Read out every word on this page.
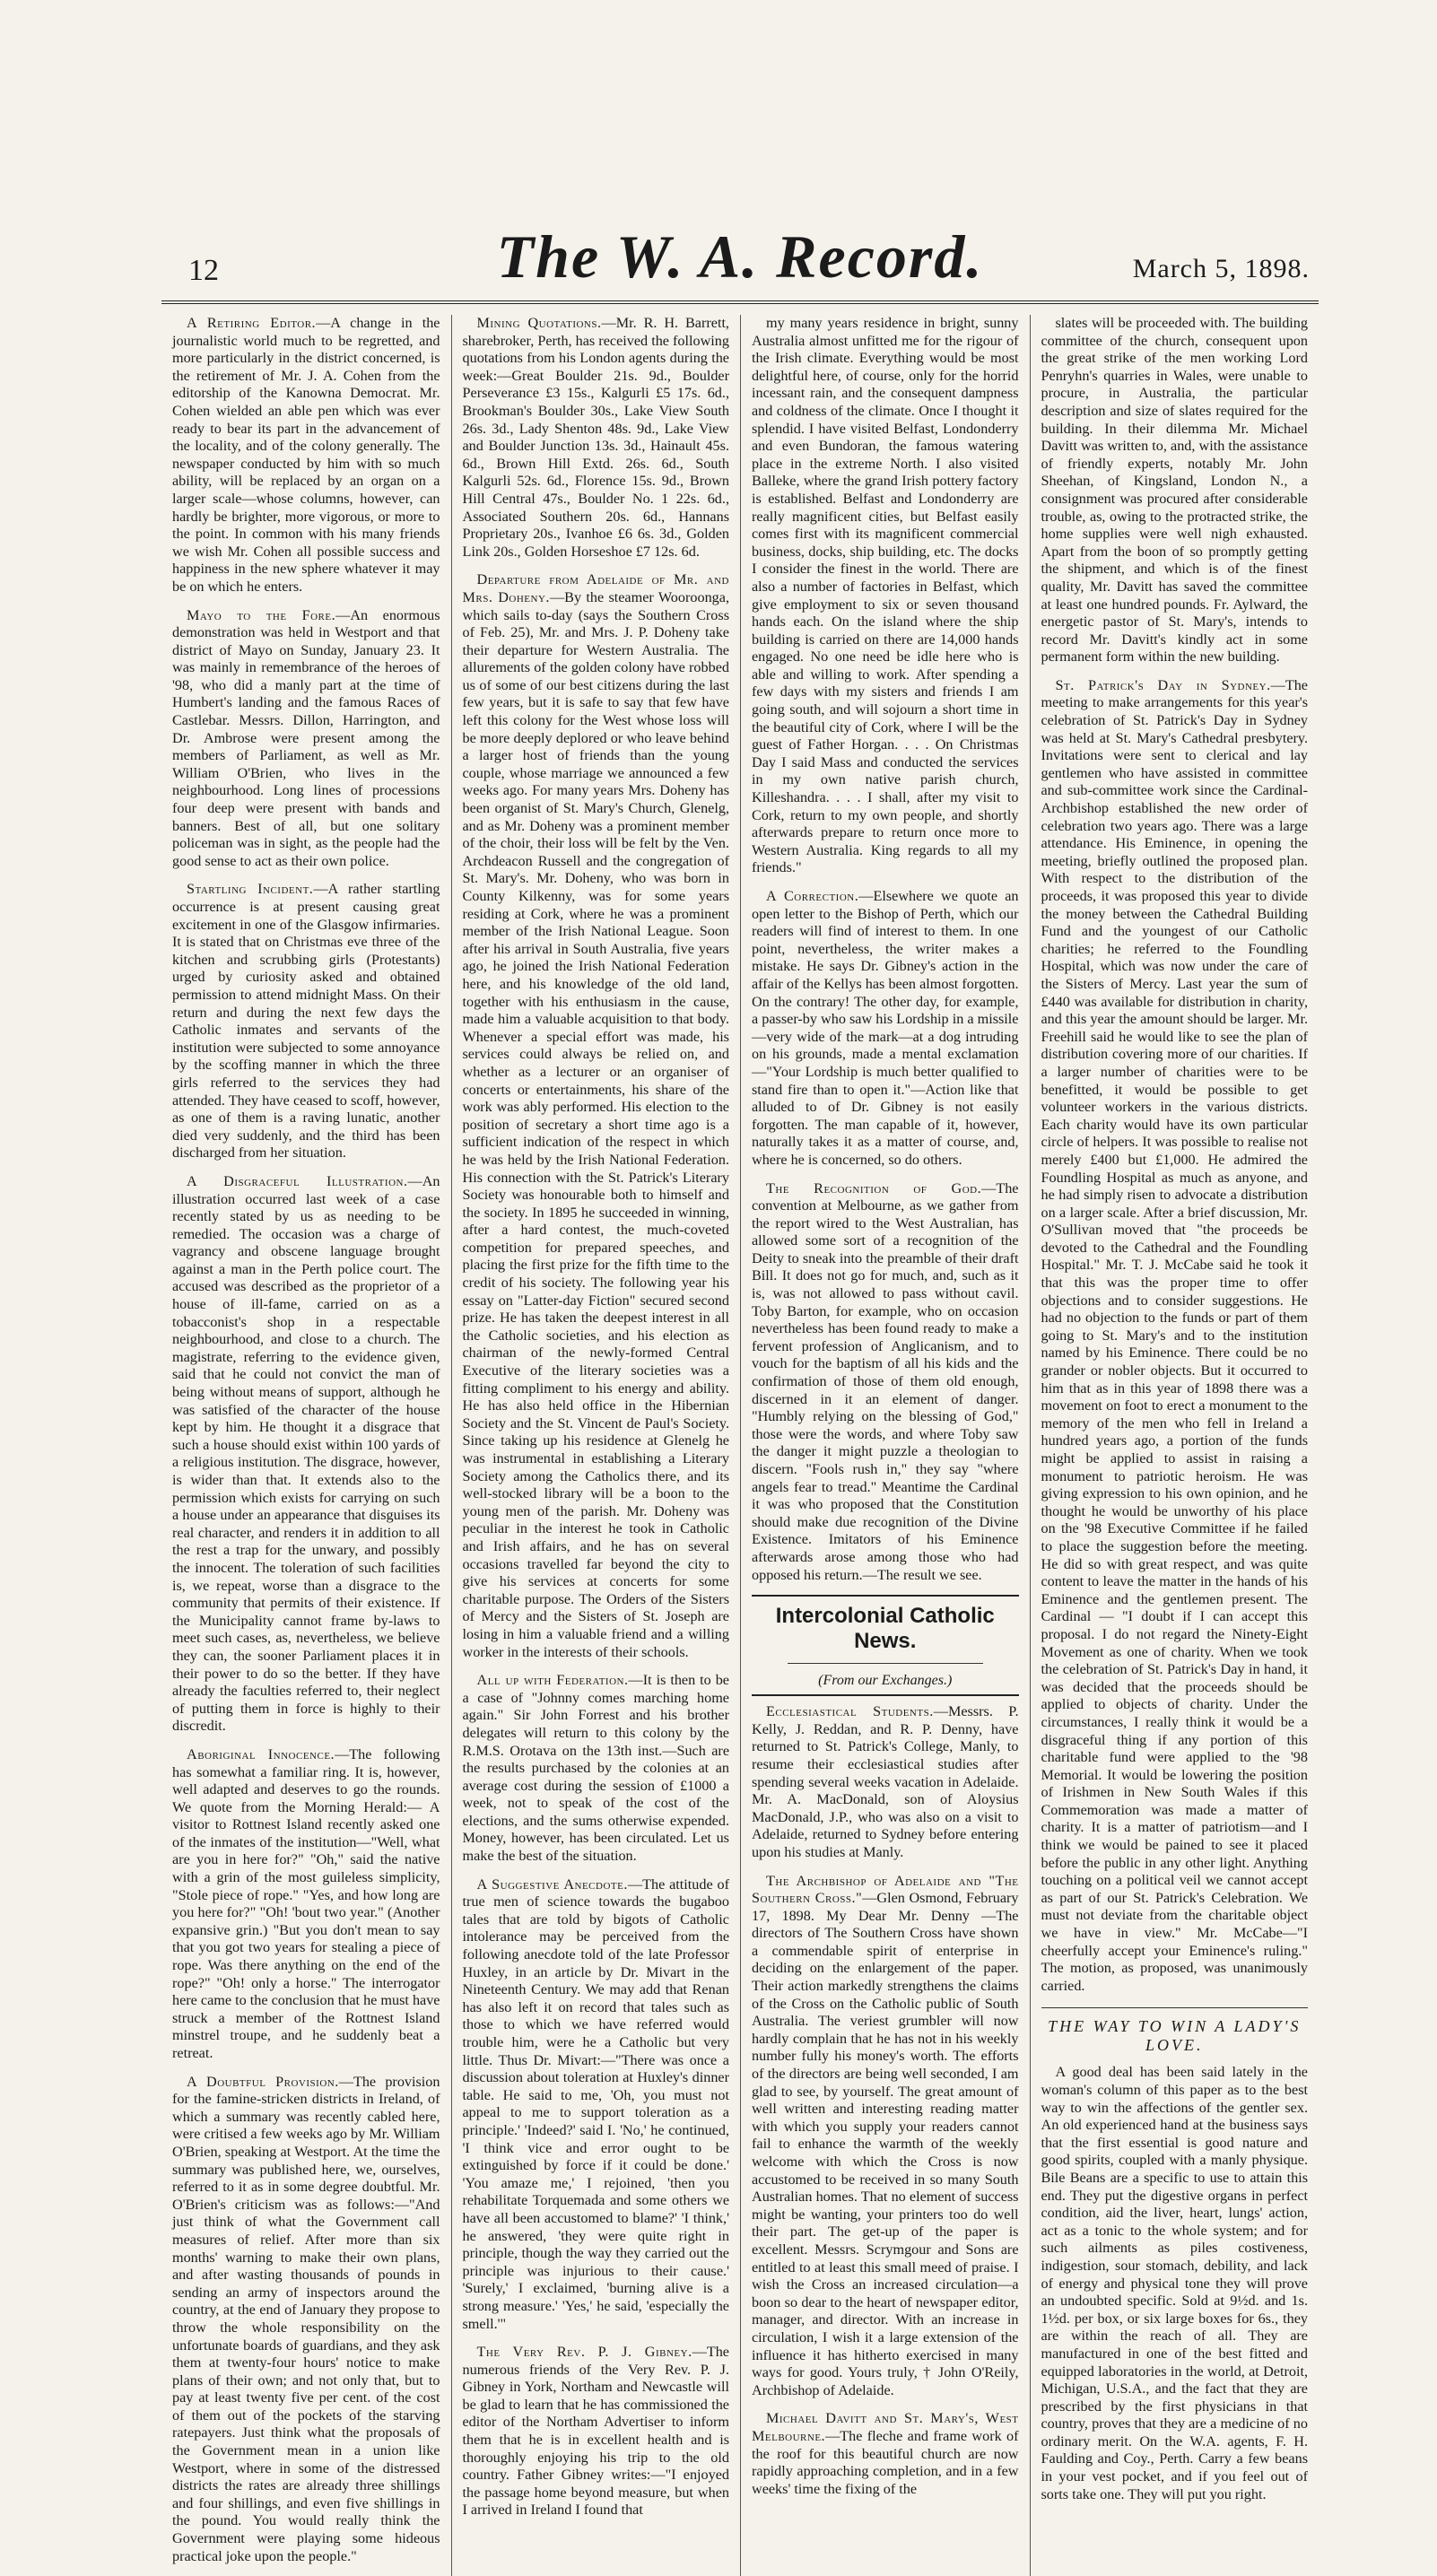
12	The W. A. Record.	March 5, 1898.

A Retiring Editor.—A change in the journalistic world much to be regretted, and more particularly in the district concerned, is the retirement of Mr. J. A. Cohen from the editorship of the Kanowna Democrat. Mr. Cohen wielded an able pen which was ever ready to bear its part in the advancement of the locality, and of the colony generally. The newspaper conducted by him with so much ability, will be replaced by an organ on a larger scale—whose columns, however, can hardly be brighter, more vigorous, or more to the point. In common with his many friends we wish Mr. Cohen all possible success and happiness in the new sphere whatever it may be on which he enters.

Mayo to the Fore.—An enormous demonstration was held in Westport and that district of Mayo on Sunday, January 23. It was mainly in remembrance of the heroes of '98, who did a manly part at the time of Humbert's landing and the famous Races of Castlebar. Messrs. Dillon, Harrington, and Dr. Ambrose were present among the members of Parliament, as well as Mr. William O'Brien, who lives in the neighbourhood. Long lines of processions four deep were present with bands and banners. Best of all, but one solitary policeman was in sight, as the people had the good sense to act as their own police.

Startling Incident.—A rather startling occurrence is at present causing great excitement in one of the Glasgow infirmaries. It is stated that on Christmas eve three of the kitchen and scrubbing girls (Protestants) urged by curiosity asked and obtained permission to attend midnight Mass. On their return and during the next few days the Catholic inmates and servants of the institution were subjected to some annoyance by the scoffing manner in which the three girls referred to the services they had attended. They have ceased to scoff, however, as one of them is a raving lunatic, another died very suddenly, and the third has been discharged from her situation.

A Disgraceful Illustration.—An illustration occurred last week of a case recently stated by us as needing to be remedied. The occasion was a charge of vagrancy and obscene language brought against a man in the Perth police court. The accused was described as the proprietor of a house of ill-fame, carried on as a tobacconist's shop in a respectable neighbourhood, and close to a church. The magistrate, referring to the evidence given, said that he could not convict the man of being without means of support, although he was satisfied of the character of the house kept by him. He thought it a disgrace that such a house should exist within 100 yards of a religious institution. The disgrace, however, is wider than that. It extends also to the permission which exists for carrying on such a house under an appearance that disguises its real character, and renders it in addition to all the rest a trap for the unwary, and possibly the innocent. The toleration of such facilities is, we repeat, worse than a disgrace to the community that permits of their existence. If the Municipality cannot frame by-laws to meet such cases, as, nevertheless, we believe they can, the sooner Parliament places it in their power to do so the better. If they have already the faculties referred to, their neglect of putting them in force is highly to their discredit.

Aboriginal Innocence.—The following has somewhat a familiar ring. It is, however, well adapted and deserves to go the rounds. We quote from the Morning Herald:— A visitor to Rottnest Island recently asked one of the inmates of the institution—"Well, what are you in here for?" "Oh," said the native with a grin of the most guileless simplicity, "Stole piece of rope." "Yes, and how long are you here for?" "Oh! 'bout two year." (Another expansive grin.) "But you don't mean to say that you got two years for stealing a piece of rope. Was there anything on the end of the rope?" "Oh! only a horse." The interrogator here came to the conclusion that he must have struck a member of the Rottnest Island minstrel troupe, and he suddenly beat a retreat.

A Doubtful Provision.—The provision for the famine-stricken districts in Ireland, of which a summary was recently cabled here, were critised a few weeks ago by Mr. William O'Brien, speaking at Westport. At the time the summary was published here, we, ourselves, referred to it as in some degree doubtful. Mr. O'Brien's criticism was as follows:—"And just think of what the Government call measures of relief. After more than six months' warning to make their own plans, and after wasting thousands of pounds in sending an army of inspectors around the country, at the end of January they propose to throw the whole responsibility on the unfortunate boards of guardians, and they ask them at twenty-four hours' notice to make plans of their own; and not only that, but to pay at least twenty five per cent. of the cost of them out of the pockets of the starving ratepayers. Just think what the proposals of the Government mean in a union like Westport, where in some of the distressed districts the rates are already three shillings and four shillings, and even five shillings in the pound. You would really think the Government were playing some hideous practical joke upon the people."

Mining Quotations.—Mr. R. H. Barrett, sharebroker, Perth, has received the following quotations from his London agents during the week:—Great Boulder 21s. 9d., Boulder Perseverance £3 15s., Kalgurli £5 17s. 6d., Brookman's Boulder 30s., Lake View South 26s. 3d., Lady Shenton 48s. 9d., Lake View and Boulder Junction 13s. 3d., Hainault 45s. 6d., Brown Hill Extd. 26s. 6d., South Kalgurli 52s. 6d., Florence 15s. 9d., Brown Hill Central 47s., Boulder No. 1 22s. 6d., Associated Southern 20s. 6d., Hannans Proprietary 20s., Ivanhoe £6 6s. 3d., Golden Link 20s., Golden Horseshoe £7 12s. 6d.

Departure from Adelaide of Mr. and Mrs. Doheny.—By the steamer Wooroonga, which sails to-day (says the Southern Cross of Feb. 25), Mr. and Mrs. J. P. Doheny take their departure for Western Australia. The allurements of the golden colony have robbed us of some of our best citizens during the last few years, but it is safe to say that few have left this colony for the West whose loss will be more deeply deplored or who leave behind a larger host of friends than the young couple, whose marriage we announced a few weeks ago. For many years Mrs. Doheny has been organist of St. Mary's Church, Glenelg, and as Mr. Doheny was a prominent member of the choir, their loss will be felt by the Ven. Archdeacon Russell and the congregation of St. Mary's. Mr. Doheny, who was born in County Kilkenny, was for some years residing at Cork, where he was a prominent member of the Irish National League. Soon after his arrival in South Australia, five years ago, he joined the Irish National Federation here, and his knowledge of the old land, together with his enthusiasm in the cause, made him a valuable acquisition to that body. Whenever a special effort was made, his services could always be relied on, and whether as a lecturer or an organiser of concerts or entertainments, his share of the work was ably performed. His election to the position of secretary a short time ago is a sufficient indication of the respect in which he was held by the Irish National Federation. His connection with the St. Patrick's Literary Society was honourable both to himself and the society. In 1895 he succeeded in winning, after a hard contest, the much-coveted competition for prepared speeches, and placing the first prize for the fifth time to the credit of his society. The following year his essay on "Latter-day Fiction" secured second prize. He has taken the deepest interest in all the Catholic societies, and his election as chairman of the newly-formed Central Executive of the literary societies was a fitting compliment to his energy and ability. He has also held office in the Hibernian Society and the St. Vincent de Paul's Society. Since taking up his residence at Glenelg he was instrumental in establishing a Literary Society among the Catholics there, and its well-stocked library will be a boon to the young men of the parish. Mr. Doheny was peculiar in the interest he took in Catholic and Irish affairs, and he has on several occasions travelled far beyond the city to give his services at concerts for some charitable purpose. The Orders of the Sisters of Mercy and the Sisters of St. Joseph are losing in him a valuable friend and a willing worker in the interests of their schools.

All up with Federation.—It is then to be a case of "Johnny comes marching home again." Sir John Forrest and his brother delegates will return to this colony by the R.M.S. Orotava on the 13th inst.—Such are the results purchased by the colonies at an average cost during the session of £1000 a week, not to speak of the cost of the elections, and the sums otherwise expended. Money, however, has been circulated. Let us make the best of the situation.

A Suggestive Anecdote.—The attitude of true men of science towards the bugaboo tales that are told by bigots of Catholic intolerance may be perceived from the following anecdote told of the late Professor Huxley, in an article by Dr. Mivart in the Nineteenth Century. We may add that Renan has also left it on record that tales such as those to which we have referred would trouble him, were he a Catholic but very little. Thus Dr. Mivart:—"There was once a discussion about toleration at Huxley's dinner table. He said to me, 'Oh, you must not appeal to me to support toleration as a principle.' 'Indeed?' said I. 'No,' he continued, 'I think vice and error ought to be extinguished by force if it could be done.' 'You amaze me,' I rejoined, 'then you rehabilitate Torquemada and some others we have all been accustomed to blame?' 'I think,' he answered, 'they were quite right in principle, though the way they carried out the principle was injurious to their cause.' 'Surely,' I exclaimed, 'burning alive is a strong measure.' 'Yes,' he said, 'especially the smell.'"

The Very Rev. P. J. Gibney.—The numerous friends of the Very Rev. P. J. Gibney in York, Northam and Newcastle will be glad to learn that he has commissioned the editor of the Northam Advertiser to inform them that he is in excellent health and is thoroughly enjoying his trip to the old country. Father Gibney writes:—"I enjoyed the passage home beyond measure, but when I arrived in Ireland I found that

my many years residence in bright, sunny Australia almost unfitted me for the rigour of the Irish climate. Everything would be most delightful here, of course, only for the horrid incessant rain, and the consequent dampness and coldness of the climate. Once I thought it splendid. I have visited Belfast, Londonderry and even Bundoran, the famous watering place in the extreme North. I also visited Balleke, where the grand Irish pottery factory is established. Belfast and Londonderry are really magnificent cities, but Belfast easily comes first with its magnificent commercial business, docks, ship building, etc. The docks I consider the finest in the world. There are also a number of factories in Belfast, which give employment to six or seven thousand hands each. On the island where the ship building is carried on there are 14,000 hands engaged. No one need be idle here who is able and willing to work. After spending a few days with my sisters and friends I am going south, and will sojourn a short time in the beautiful city of Cork, where I will be the guest of Father Horgan. . . . On Christmas Day I said Mass and conducted the services in my own native parish church, Killeshandra. . . . I shall, after my visit to Cork, return to my own people, and shortly afterwards prepare to return once more to Western Australia. King regards to all my friends."

A Correction.—Elsewhere we quote an open letter to the Bishop of Perth, which our readers will find of interest to them. In one point, nevertheless, the writer makes a mistake. He says Dr. Gibney's action in the affair of the Kellys has been almost forgotten. On the contrary! The other day, for example, a passer-by who saw his Lordship in a missile—very wide of the mark—at a dog intruding on his grounds, made a mental exclamation—"Your Lordship is much better qualified to stand fire than to open it."—Action like that alluded to of Dr. Gibney is not easily forgotten. The man capable of it, however, naturally takes it as a matter of course, and, where he is concerned, so do others.

The Recognition of God.—The convention at Melbourne, as we gather from the report wired to the West Australian, has allowed some sort of a recognition of the Deity to sneak into the preamble of their draft Bill. It does not go for much, and, such as it is, was not allowed to pass without cavil. Toby Barton, for example, who on occasion nevertheless has been found ready to make a fervent profession of Anglicanism, and to vouch for the baptism of all his kids and the confirmation of those of them old enough, discerned in it an element of danger. "Humbly relying on the blessing of God," those were the words, and where Toby saw the danger it might puzzle a theologian to discern. "Fools rush in," they say "where angels fear to tread." Meantime the Cardinal it was who proposed that the Constitution should make due recognition of the Divine Existence. Imitators of his Eminence afterwards arose among those who had opposed his return.—The result we see.

Intercolonial Catholic News.
(From our Exchanges.)

Ecclesiastical Students.—Messrs. P. Kelly, J. Reddan, and R. P. Denny, have returned to St. Patrick's College, Manly, to resume their ecclesiastical studies after spending several weeks vacation in Adelaide. Mr. A. MacDonald, son of Aloysius MacDonald, J.P., who was also on a visit to Adelaide, returned to Sydney before entering upon his studies at Manly.

The Archbishop of Adelaide and "The Southern Cross."—Glen Osmond, February 17, 1898. My Dear Mr. Denny —The directors of The Southern Cross have shown a commendable spirit of enterprise in deciding on the enlargement of the paper. Their action markedly strengthens the claims of the Cross on the Catholic public of South Australia. The veriest grumbler will now hardly complain that he has not in his weekly number fully his money's worth. The efforts of the directors are being well seconded, I am glad to see, by yourself. The great amount of well written and interesting reading matter with which you supply your readers cannot fail to enhance the warmth of the weekly welcome with which the Cross is now accustomed to be received in so many South Australian homes. That no element of success might be wanting, your printers too do well their part. The get-up of the paper is excellent. Messrs. Scrymgour and Sons are entitled to at least this small meed of praise. I wish the Cross an increased circulation—a boon so dear to the heart of newspaper editor, manager, and director. With an increase in circulation, I wish it a large extension of the influence it has hitherto exercised in many ways for good. Yours truly, † John O'Reily, Archbishop of Adelaide.

Michael Davitt and St. Mary's, West Melbourne.—The fleche and frame work of the roof for this beautiful church are now rapidly approaching completion, and in a few weeks' time the fixing of the

slates will be proceeded with. The building committee of the church, consequent upon the great strike of the men working Lord Penryhn's quarries in Wales, were unable to procure, in Australia, the particular description and size of slates required for the building. In their dilemma Mr. Michael Davitt was written to, and, with the assistance of friendly experts, notably Mr. John Sheehan, of Kingsland, London N., a consignment was procured after considerable trouble, as, owing to the protracted strike, the home supplies were well nigh exhausted. Apart from the boon of so promptly getting the shipment, and which is of the finest quality, Mr. Davitt has saved the committee at least one hundred pounds. Fr. Aylward, the energetic pastor of St. Mary's, intends to record Mr. Davitt's kindly act in some permanent form within the new building.

St. Patrick's Day in Sydney.—The meeting to make arrangements for this year's celebration of St. Patrick's Day in Sydney was held at St. Mary's Cathedral presbytery. Invitations were sent to clerical and lay gentlemen who have assisted in committee and sub-committee work since the Cardinal-Archbishop established the new order of celebration two years ago. There was a large attendance. His Eminence, in opening the meeting, briefly outlined the proposed plan. With respect to the distribution of the proceeds, it was proposed this year to divide the money between the Cathedral Building Fund and the youngest of our Catholic charities; he referred to the Foundling Hospital, which was now under the care of the Sisters of Mercy. Last year the sum of £440 was available for distribution in charity, and this year the amount should be larger. Mr. Freehill said he would like to see the plan of distribution covering more of our charities. If a larger number of charities were to be benefitted, it would be possible to get volunteer workers in the various districts. Each charity would have its own particular circle of helpers. It was possible to realise not merely £400 but £1,000. He admired the Foundling Hospital as much as anyone, and he had simply risen to advocate a distribution on a larger scale. After a brief discussion, Mr. O'Sullivan moved that "the proceeds be devoted to the Cathedral and the Foundling Hospital." Mr. T. J. McCabe said he took it that this was the proper time to offer objections and to consider suggestions. He had no objection to the funds or part of them going to St. Mary's and to the institution named by his Eminence. There could be no grander or nobler objects. But it occurred to him that as in this year of 1898 there was a movement on foot to erect a monument to the memory of the men who fell in Ireland a hundred years ago, a portion of the funds might be applied to assist in raising a monument to patriotic heroism. He was giving expression to his own opinion, and he thought he would be unworthy of his place on the '98 Executive Committee if he failed to place the suggestion before the meeting. He did so with great respect, and was quite content to leave the matter in the hands of his Eminence and the gentlemen present. The Cardinal — "I doubt if I can accept this proposal. I do not regard the Ninety-Eight Movement as one of charity. When we took the celebration of St. Patrick's Day in hand, it was decided that the proceeds should be applied to objects of charity. Under the circumstances, I really think it would be a disgraceful thing if any portion of this charitable fund were applied to the '98 Memorial. It would be lowering the position of Irishmen in New South Wales if this Commemoration was made a matter of charity. It is a matter of patriotism—and I think we would be pained to see it placed before the public in any other light. Anything touching on a political veil we cannot accept as part of our St. Patrick's Celebration. We must not deviate from the charitable object we have in view." Mr. McCabe—"I cheerfully accept your Eminence's ruling." The motion, as proposed, was unanimously carried.

THE WAY TO WIN A LADY'S LOVE.

A good deal has been said lately in the woman's column of this paper as to the best way to win the affections of the gentler sex. An old experienced hand at the business says that the first essential is good nature and good spirits, coupled with a manly physique. Bile Beans are a specific to use to attain this end. They put the digestive organs in perfect condition, aid the liver, heart, lungs' action, act as a tonic to the whole system; and for such ailments as piles costiveness, indigestion, sour stomach, debility, and lack of energy and physical tone they will prove an undoubted specific. Sold at 9½d. and 1s. 1½d. per box, or six large boxes for 6s., they are within the reach of all. They are manufactured in one of the best fitted and equipped laboratories in the world, at Detroit, Michigan, U.S.A., and the fact that they are prescribed by the first physicians in that country, proves that they are a medicine of no ordinary merit. On the W.A. agents, F. H. Faulding and Coy., Perth. Carry a few beans in your vest pocket, and if you feel out of sorts take one. They will put you right.
